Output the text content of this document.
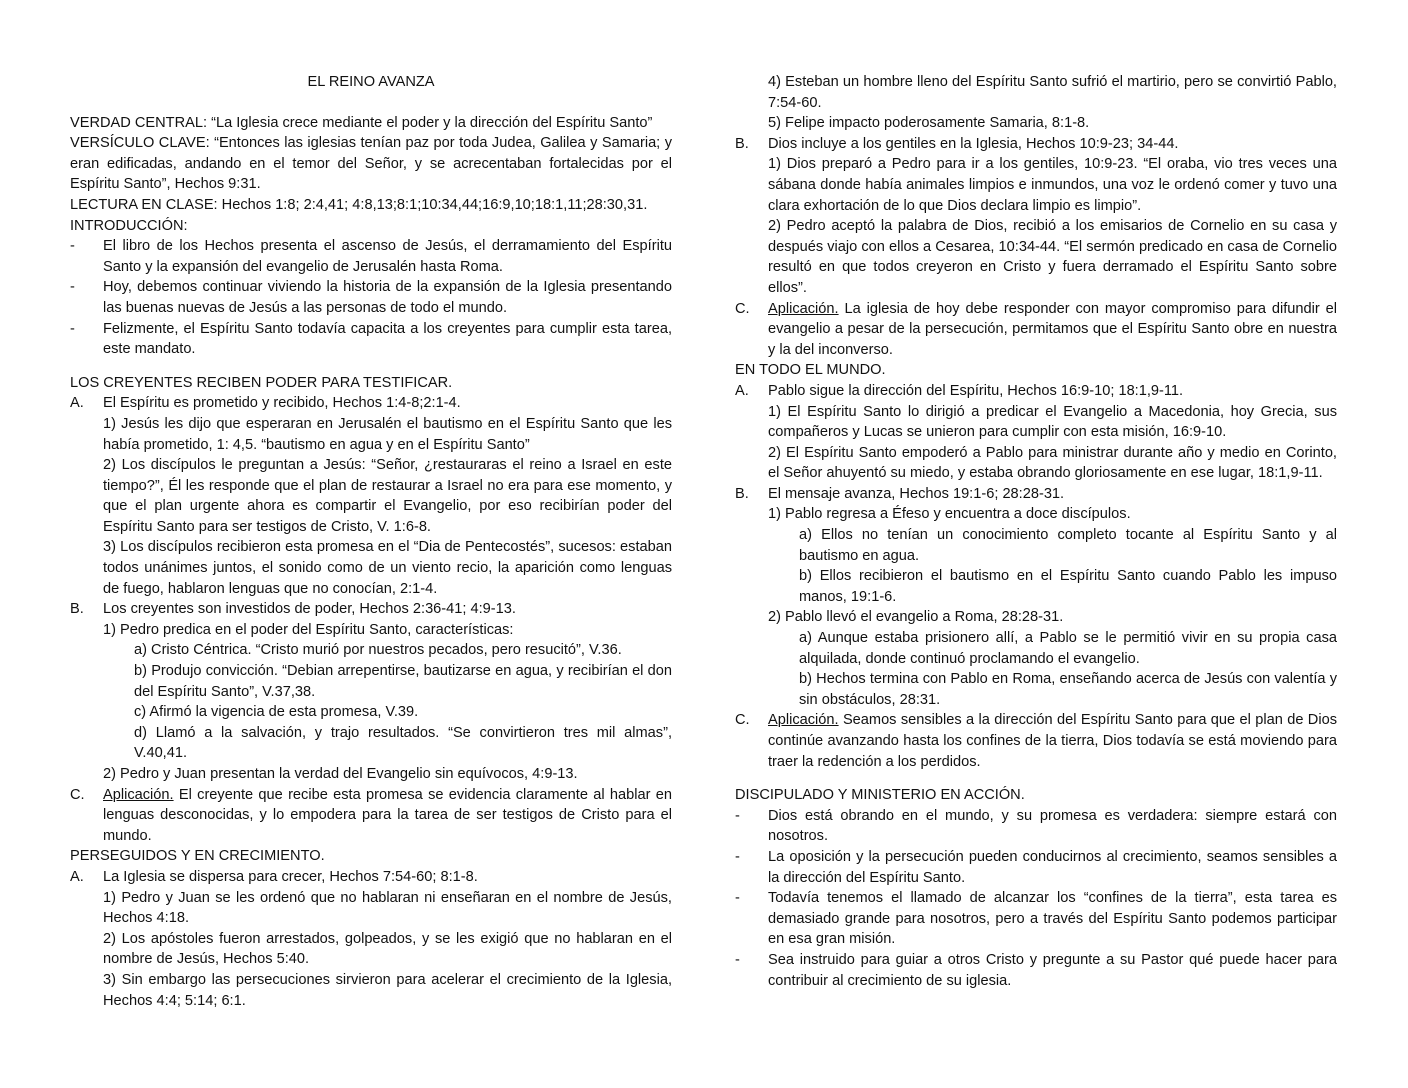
EL REINO AVANZA

VERDAD CENTRAL: “La Iglesia crece mediante el poder y la dirección del Espíritu Santo”

VERSÍCULO CLAVE: “Entonces las iglesias tenían paz por toda Judea, Galilea y Samaria; y eran edificadas, andando en el temor del Señor, y se acrecentaban fortalecidas por el Espíritu Santo”, Hechos 9:31.

LECTURA EN CLASE: Hechos 1:8; 2:4,41; 4:8,13;8:1;10:34,44;16:9,10;18:1,11;28:30,31.

INTRODUCCIÓN:

-	El libro de los Hechos presenta el ascenso de Jesús, el derramamiento del Espíritu Santo y la expansión del evangelio de Jerusalén hasta Roma.
-	Hoy, debemos continuar viviendo la historia de la expansión de la Iglesia presentando las buenas nuevas de Jesús a las personas de todo el mundo.
-	Felizmente, el Espíritu Santo todavía capacita a los creyentes para cumplir esta tarea, este mandato.

LOS CREYENTES RECIBEN PODER PARA TESTIFICAR.

A.	El Espíritu es prometido y recibido, Hechos 1:4-8;2:1-4.

1) Jesús les dijo que esperaran en Jerusalén el bautismo en el Espíritu Santo que les había prometido, 1: 4,5. “bautismo en agua y en el Espíritu Santo”

2) Los discípulos le preguntan a Jesús: “Señor, ¿restauraras el reino a Israel en este tiempo?”, Él les responde que el plan de restaurar a Israel no era para ese momento, y que el plan urgente ahora es compartir el Evangelio, por eso recibirían poder del Espíritu Santo para ser testigos de Cristo, V. 1:6-8.

3) Los discípulos recibieron esta promesa en el “Dia de Pentecostés”, sucesos: estaban todos unánimes juntos, el sonido como de un viento recio, la aparición como lenguas de fuego, hablaron lenguas que no conocían, 2:1-4.

B.	Los creyentes son investidos de poder, Hechos 2:36-41; 4:9-13.

1) Pedro predica en el poder del Espíritu Santo, características:

a) Cristo Céntrica. “Cristo murió por nuestros pecados, pero resucitó”, V.36.

b) Produjo convicción. “Debian arrepentirse, bautizarse en agua, y recibirían el don del Espíritu Santo”, V.37,38.

c) Afirmó la vigencia de esta promesa, V.39.

d) Llamó a la salvación, y trajo resultados. “Se convirtieron tres mil almas”, V.40,41.

2) Pedro y Juan presentan la verdad del Evangelio sin equívocos, 4:9-13.

C.	Aplicación. El creyente que recibe esta promesa se evidencia claramente al hablar en lenguas desconocidas, y lo empodera para la tarea de ser testigos de Cristo para el mundo.

PERSEGUIDOS Y EN CRECIMIENTO.

A.	La Iglesia se dispersa para crecer, Hechos 7:54-60; 8:1-8.

1) Pedro y Juan se les ordenó que no hablaran ni enseñaran en el nombre de Jesús, Hechos 4:18.

2) Los apóstoles fueron arrestados, golpeados, y se les exigió que no hablaran en el nombre de Jesús, Hechos 5:40.

3) Sin embargo las persecuciones sirvieron para acelerar el crecimiento de la Iglesia, Hechos 4:4; 5:14; 6:1.

4) Esteban un hombre lleno del Espíritu Santo sufrió el martirio, pero se convirtió Pablo, 7:54-60.

5) Felipe impacto poderosamente Samaria, 8:1-8.

B.	Dios incluye a los gentiles en la Iglesia, Hechos 10:9-23; 34-44.

1) Dios preparó a Pedro para ir a los gentiles, 10:9-23. “El oraba, vio tres veces una sábana donde había animales limpios e inmundos, una voz le ordenó comer y tuvo una clara exhortación de lo que Dios declara limpio es limpio”.

2) Pedro aceptó la palabra de Dios, recibió a los emisarios de Cornelio en su casa y después viajo con ellos a Cesarea, 10:34-44. “El sermón predicado en casa de Cornelio resultó en que todos creyeron en Cristo y fuera derramado el Espíritu Santo sobre ellos”.

C.	Aplicación. La iglesia de hoy debe responder con mayor compromiso para difundir el evangelio a pesar de la persecución, permitamos que el Espíritu Santo obre en nuestra y la del inconverso.

EN TODO EL MUNDO.

A.	Pablo sigue la dirección del Espíritu, Hechos 16:9-10; 18:1,9-11.

1) El Espíritu Santo lo dirigió a predicar el Evangelio a Macedonia, hoy Grecia, sus compañeros y Lucas se unieron para cumplir con esta misión, 16:9-10.

2) El Espíritu Santo empoderó a Pablo para ministrar durante año y medio en Corinto, el Señor ahuyentó su miedo, y estaba obrando gloriosamente en ese lugar, 18:1,9-11.

B.	El mensaje avanza, Hechos 19:1-6; 28:28-31.

1) Pablo regresa a Éfeso y encuentra a doce discípulos.

a) Ellos no tenían un conocimiento completo tocante al Espíritu Santo y al bautismo en agua.

b) Ellos recibieron el bautismo en el Espíritu Santo cuando Pablo les impuso manos, 19:1-6.

2) Pablo llevó el evangelio a Roma, 28:28-31.

a) Aunque estaba prisionero allí, a Pablo se le permitió vivir en su propia casa alquilada, donde continuó proclamando el evangelio.

b) Hechos termina con Pablo en Roma, enseñando acerca de Jesús con valentía y sin obstáculos, 28:31.

C.	Aplicación. Seamos sensibles a la dirección del Espíritu Santo para que el plan de Dios continúe avanzando hasta los confines de la tierra, Dios todavía se está moviendo para traer la redención a los perdidos.

DISCIPULADO Y MINISTERIO EN ACCIÓN.

-	Dios está obrando en el mundo, y su promesa es verdadera: siempre estará con nosotros.
-	La oposición y la persecución pueden conducirnos al crecimiento, seamos sensibles a la dirección del Espíritu Santo.
-	Todavía tenemos el llamado de alcanzar los “confines de la tierra”, esta tarea es demasiado grande para nosotros, pero a través del Espíritu Santo podemos participar en esa gran misión.
-	Sea instruido para guiar a otros Cristo y pregunte a su Pastor qué puede hacer para contribuir al crecimiento de su iglesia.
